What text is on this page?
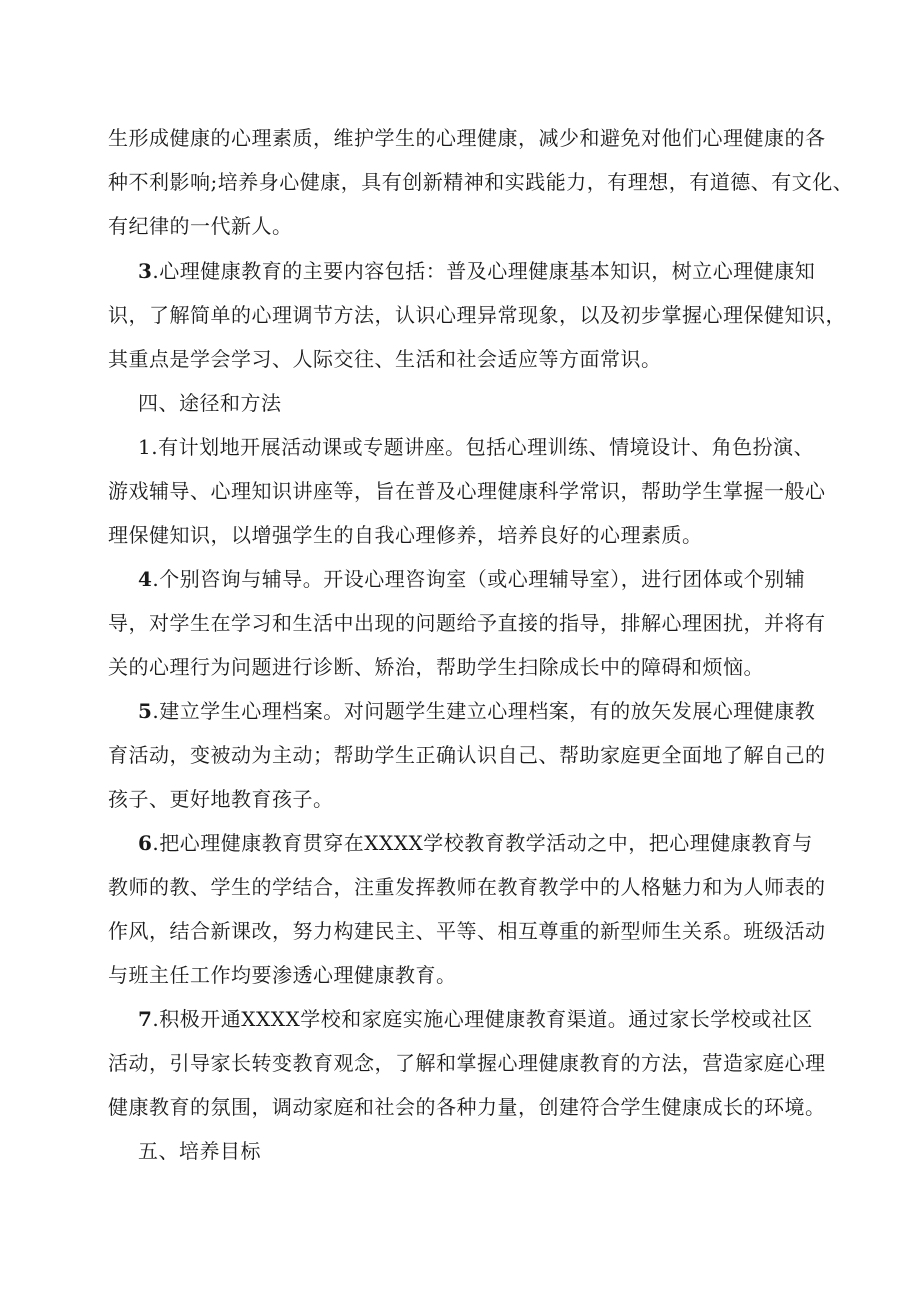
生形成健康的心理素质，维护学生的心理健康，减少和避免对他们心理健康的各
种不利影响;培养身心健康，具有创新精神和实践能力，有理想，有道德、有文化、
有纪律的一代新人。
3.心理健康教育的主要内容包括：普及心理健康基本知识，树立心理健康知
识，了解简单的心理调节方法，认识心理异常现象，以及初步掌握心理保健知识，
其重点是学会学习、人际交往、生活和社会适应等方面常识。
四、途径和方法
1.有计划地开展活动课或专题讲座。包括心理训练、情境设计、角色扮演、
游戏辅导、心理知识讲座等，旨在普及心理健康科学常识，帮助学生掌握一般心
理保健知识，以增强学生的自我心理修养，培养良好的心理素质。
4.个别咨询与辅导。开设心理咨询室（或心理辅导室），进行团体或个别辅
导，对学生在学习和生活中出现的问题给予直接的指导，排解心理困扰，并将有
关的心理行为问题进行诊断、矫治，帮助学生扫除成长中的障碍和烦恼。
5.建立学生心理档案。对问题学生建立心理档案，有的放矢发展心理健康教
育活动，变被动为主动；帮助学生正确认识自己、帮助家庭更全面地了解自己的
孩子、更好地教育孩子。
6.把心理健康教育贯穿在XXXX学校教育教学活动之中，把心理健康教育与
教师的教、学生的学结合，注重发挥教师在教育教学中的人格魅力和为人师表的
作风，结合新课改，努力构建民主、平等、相互尊重的新型师生关系。班级活动
与班主任工作均要渗透心理健康教育。
7.积极开通XXXX学校和家庭实施心理健康教育渠道。通过家长学校或社区
活动，引导家长转变教育观念，了解和掌握心理健康教育的方法，营造家庭心理
健康教育的氛围，调动家庭和社会的各种力量，创建符合学生健康成长的环境。
五、培养目标
